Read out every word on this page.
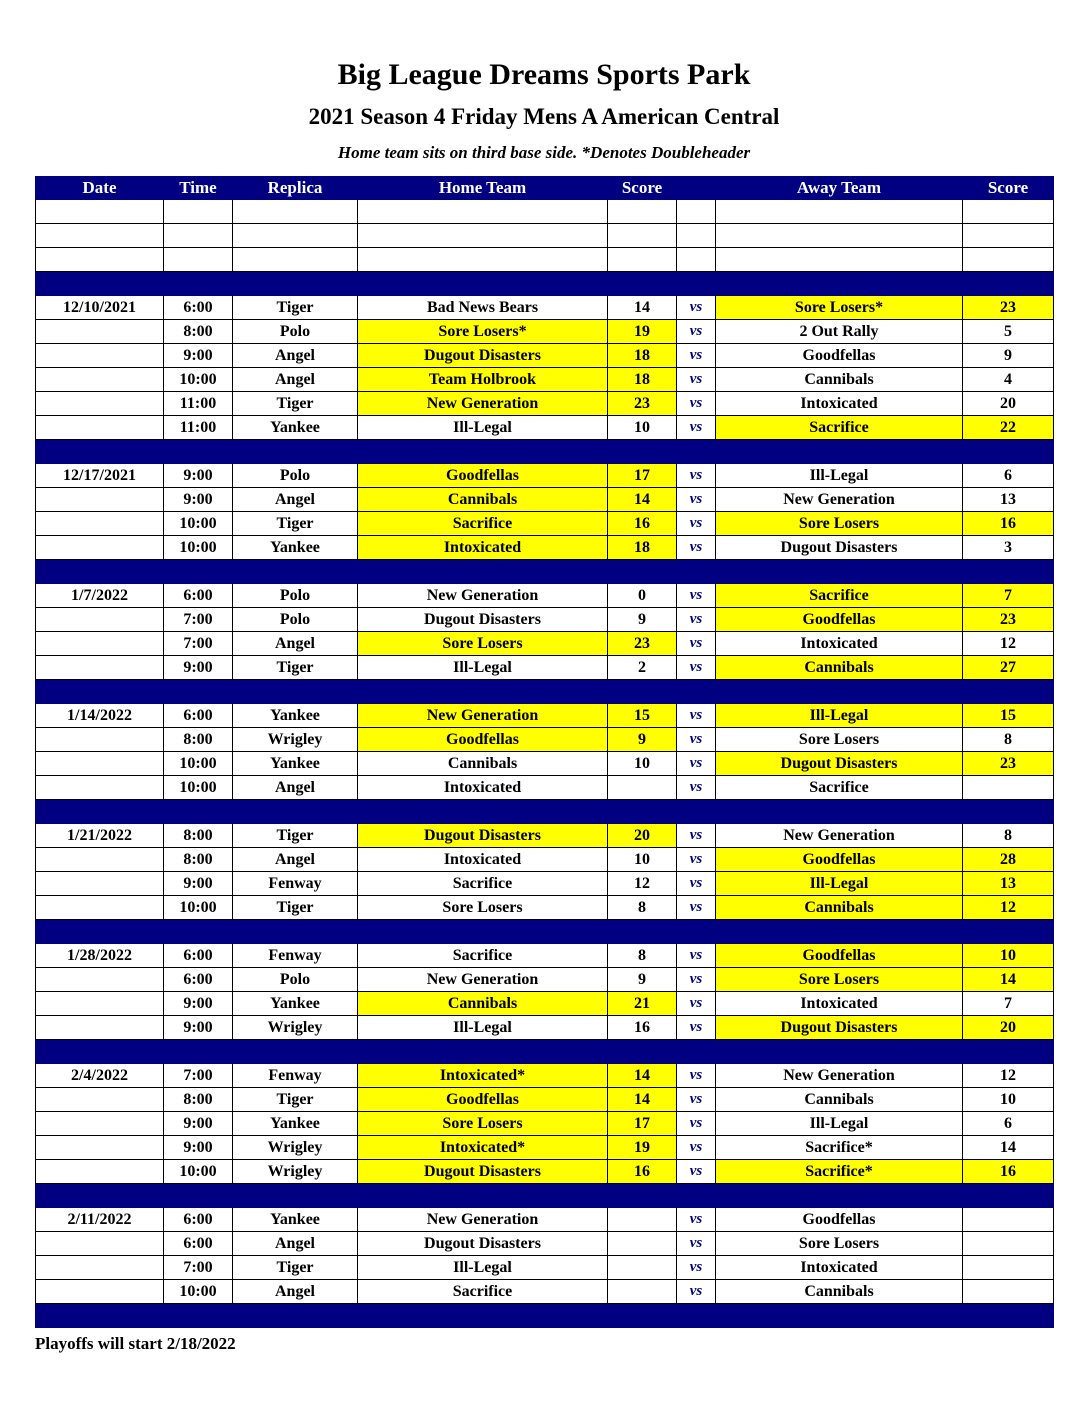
Big League Dreams Sports Park
2021 Season 4 Friday Mens A American Central
Home team sits on third base side. *Denotes Doubleheader
Date	Time	Replica	Home Team	Score		Away Team	Score

12/10/2021	6:00	Tiger	Bad News Bears	14	vs	Sore Losers*	23
	8:00	Polo	Sore Losers*	19	vs	2 Out Rally	5
	9:00	Angel	Dugout Disasters	18	vs	Goodfellas	9
	10:00	Angel	Team Holbrook	18	vs	Cannibals	4
	11:00	Tiger	New Generation	23	vs	Intoxicated	20
	11:00	Yankee	Ill-Legal	10	vs	Sacrifice	22

12/17/2021	9:00	Polo	Goodfellas	17	vs	Ill-Legal	6
	9:00	Angel	Cannibals	14	vs	New Generation	13
	10:00	Tiger	Sacrifice	16	vs	Sore Losers	16
	10:00	Yankee	Intoxicated	18	vs	Dugout Disasters	3

1/7/2022	6:00	Polo	New Generation	0	vs	Sacrifice	7
	7:00	Polo	Dugout Disasters	9	vs	Goodfellas	23
	7:00	Angel	Sore Losers	23	vs	Intoxicated	12
	9:00	Tiger	Ill-Legal	2	vs	Cannibals	27

1/14/2022	6:00	Yankee	New Generation	15	vs	Ill-Legal	15
	8:00	Wrigley	Goodfellas	9	vs	Sore Losers	8
	10:00	Yankee	Cannibals	10	vs	Dugout Disasters	23
	10:00	Angel	Intoxicated		vs	Sacrifice	

1/21/2022	8:00	Tiger	Dugout Disasters	20	vs	New Generation	8
	8:00	Angel	Intoxicated	10	vs	Goodfellas	28
	9:00	Fenway	Sacrifice	12	vs	Ill-Legal	13
	10:00	Tiger	Sore Losers	8	vs	Cannibals	12

1/28/2022	6:00	Fenway	Sacrifice	8	vs	Goodfellas	10
	6:00	Polo	New Generation	9	vs	Sore Losers	14
	9:00	Yankee	Cannibals	21	vs	Intoxicated	7
	9:00	Wrigley	Ill-Legal	16	vs	Dugout Disasters	20

2/4/2022	7:00	Fenway	Intoxicated*	14	vs	New Generation	12
	8:00	Tiger	Goodfellas	14	vs	Cannibals	10
	9:00	Yankee	Sore Losers	17	vs	Ill-Legal	6
	9:00	Wrigley	Intoxicated*	19	vs	Sacrifice*	14
	10:00	Wrigley	Dugout Disasters	16	vs	Sacrifice*	16

2/11/2022	6:00	Yankee	New Generation		vs	Goodfellas	
	6:00	Angel	Dugout Disasters		vs	Sore Losers	
	7:00	Tiger	Ill-Legal		vs	Intoxicated	
	10:00	Angel	Sacrifice		vs	Cannibals	

Playoffs will start 2/18/2022
